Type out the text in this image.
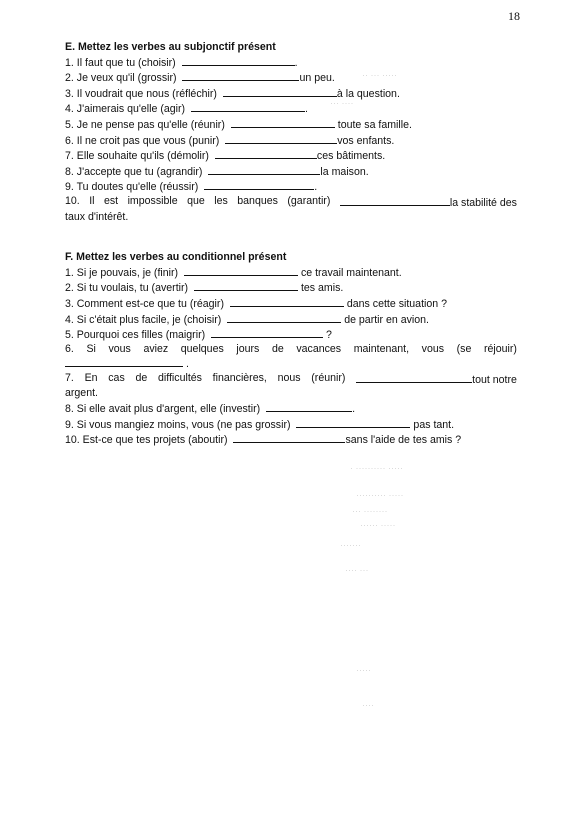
18
·· ··· ·····
··· ····
· ·········· ·····
·········· ·····
··· ········
······ ·····
·······
···· ···
·····
····
E. Mettez les verbes au subjonctif présent
1. Il faut que tu (choisir)	.
2. Je veux qu'il (grossir)	un peu.
3. Il voudrait que nous (réfléchir)	à la question.
4. J'aimerais qu'elle (agir)	.
5. Je ne pense pas qu'elle (réunir)	toute sa famille.
6. Il ne croit pas que vous (punir)	vos enfants.
7. Elle souhaite qu'ils (démolir)	ces bâtiments.
8. J'accepte que tu (agrandir)	la maison.
9. Tu doutes qu'elle (réussir)	.
10. Il est impossible que les banques (garantir)	la stabilité des
taux d'intérêt.
F. Mettez les verbes au conditionnel présent
1. Si je pouvais, je (finir)	ce travail maintenant.
2. Si tu voulais, tu (avertir)	tes amis.
3. Comment est-ce que tu (réagir)	dans cette situation ?
4. Si c'était plus facile, je (choisir)	de partir en avion.
5. Pourquoi ces filles (maigrir)	?
6. Si vous aviez quelques jours de vacances maintenant, vous (se réjouir)
.
7. En cas de difficultés financières, nous (réunir)	tout notre
argent.
8. Si elle avait plus d'argent, elle (investir)	.
9. Si vous mangiez moins, vous (ne pas grossir)	pas tant.
10. Est-ce que tes projets (aboutir)	sans l'aide de tes amis ?
